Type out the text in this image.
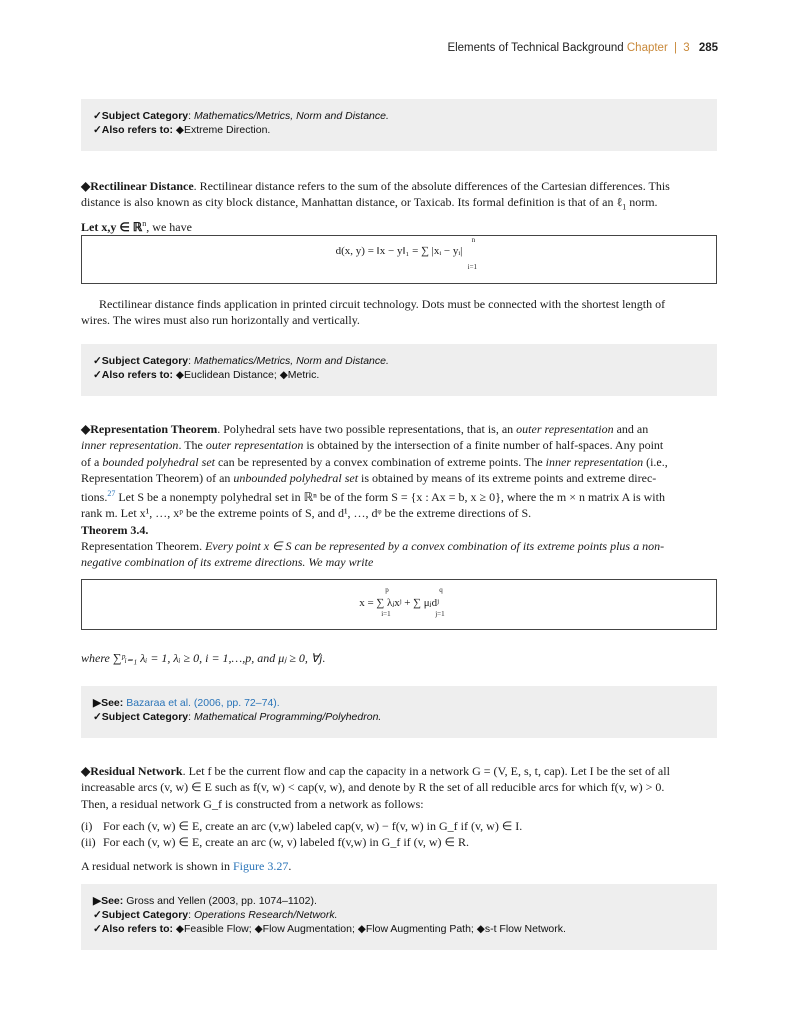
Elements of Technical Background Chapter | 3 285
✓Subject Category: Mathematics/Metrics, Norm and Distance.
✓Also refers to: ◆Extreme Direction.
◆Rectilinear Distance. Rectilinear distance refers to the sum of the absolute differences of the Cartesian differences. This
distance is also known as city block distance, Manhattan distance, or Taxicab. Its formal definition is that of an ℓ$_1$ norm.
Let x,y ∈ ℝ$^n$, we have
n
i=1
d(x, y) = ‖x − y‖₁ = ∑ |xᵢ − yᵢ|
Rectilinear distance finds application in printed circuit technology. Dots must be connected with the shortest length of
wires. The wires must also run horizontally and vertically.
✓Subject Category: Mathematics/Metrics, Norm and Distance.
✓Also refers to: ◆Euclidean Distance; ◆Metric.
◆Representation Theorem. Polyhedral sets have two possible representations, that is, an outer representation and an
inner representation. The outer representation is obtained by the intersection of a finite number of half-spaces. Any point
of a bounded polyhedral set can be represented by a convex combination of extreme points. The inner representation (i.e.,
Representation Theorem) of an unbounded polyhedral set is obtained by means of its extreme points and extreme direc-
tions.$^{27}$ Let S be a nonempty polyhedral set in ℝⁿ be of the form S = {x : Ax = b, x ≥ 0}, where the m × n matrix A is with
rank m. Let x¹, …, xᵖ be the extreme points of S, and d¹, …, dᵠ be the extreme directions of S.
Theorem 3.4.
Representation Theorem. Every point x ∈ S can be represented by a convex combination of its extreme points plus a non-
negative combination of its extreme directions. We may write
p
i=1
q
j=1
x = ∑ λⱼxʲ + ∑ μⱼdʲ
where ∑ᵖᵢ₌₁ λᵢ = 1, λᵢ ≥ 0, i = 1,…,p, and μⱼ ≥ 0, ∀j.
▶See: Bazaraa et al. (2006, pp. 72–74).
✓Subject Category: Mathematical Programming/Polyhedron.
◆Residual Network. Let f be the current flow and cap the capacity in a network G = (V, E, s, t, cap). Let I be the set of all
increasable arcs (v, w) ∈ E such as f(v, w) < cap(v, w), and denote by R the set of all reducible arcs for which f(v, w) > 0.
Then, a residual network G_f is constructed from a network as follows:
(i) For each (v, w) ∈ E, create an arc (v,w) labeled cap(v, w) − f(v, w) in G_f if (v, w) ∈ I.
(ii) For each (v, w) ∈ E, create an arc (w, v) labeled f(v,w) in G_f if (v, w) ∈ R.
A residual network is shown in Figure 3.27.
▶See: Gross and Yellen (2003, pp. 1074–1102).
✓Subject Category: Operations Research/Network.
✓Also refers to: ◆Feasible Flow; ◆Flow Augmentation; ◆Flow Augmenting Path; ◆s-t Flow Network.
